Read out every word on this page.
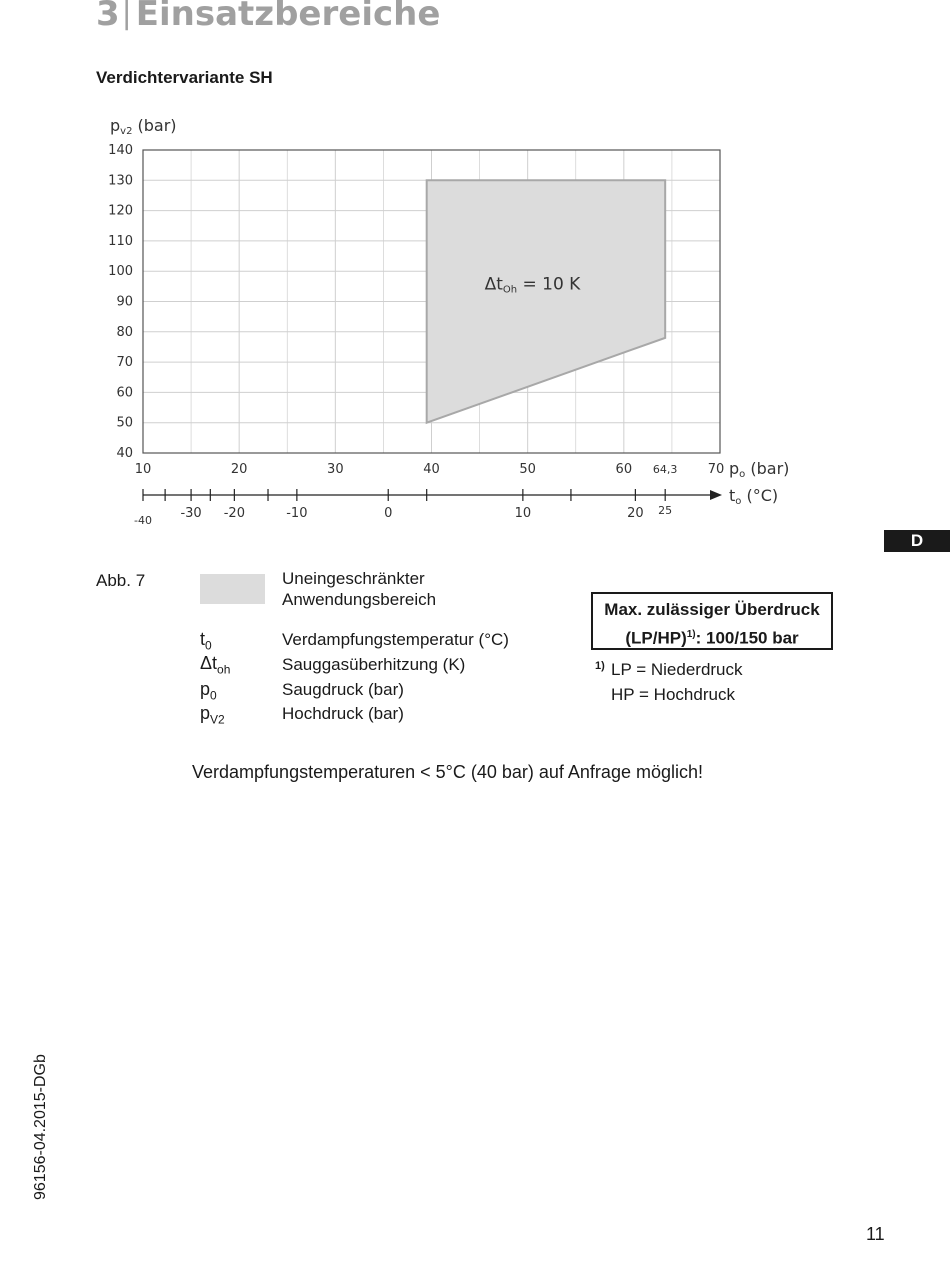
3| Einsatzbereiche
Verdichtervariante SH
40
50
60
70
80
90
100
110
120
130
140
10	20	30	40	50	60 64,3 70
pv2 (bar)
po (bar)
ΔtOh = 10 K
-40 -30 -20	-10	0	10	20 25
to (°C)
D
Abb. 7	Uneingeschränkter Anwendungsbereich
$t_0$	Verdampfungstemperatur (°C)
$\Delta t_{oh}$	Sauggasüberhitzung (K)
$p_0$	Saugdruck (bar)
$p_{V2}$	Hochdruck (bar)
Max. zulässiger Überdruck
$(LP/HP)^{1)}$: 100/150 bar
1) LP = Niederdruck
HP = Hochdruck
Verdampfungstemperaturen < 5°C (40 bar) auf Anfrage möglich!
96156-04.2015-DGb
11
